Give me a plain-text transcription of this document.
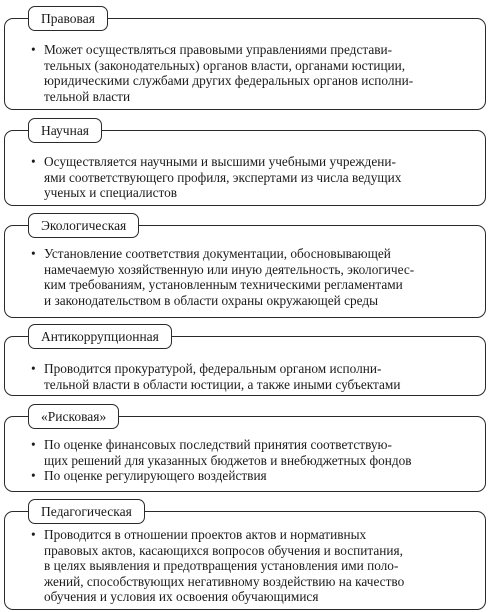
Правовая
• Может осуществляться правовыми управлениями представи-
тельных (законодательных) органов власти, органами юстиции,
юридическими службами других федеральных органов исполни-
тельной власти
Научная
• Осуществляется научными и высшими учебными учреждени-
ями соответствующего профиля, экспертами из числа ведущих
ученых и специалистов
Экологическая
• Установление соответствия документации, обосновывающей
намечаемую хозяйственную или иную деятельность, экологичес-
ким требованиям, установленным техническими регламентами
и законодательством в области охраны окружающей среды
Антикоррупционная
• Проводится прокуратурой, федеральным органом исполни-
тельной власти в области юстиции, а также иными субъектами
«Рисковая»
• По оценке финансовых последствий принятия соответствую-
щих решений для указанных бюджетов и внебюджетных фондов
• По оценке регулирующего воздействия
Педагогическая
• Проводится в отношении проектов актов и нормативных
правовых актов, касающихся вопросов обучения и воспитания,
в целях выявления и предотвращения установления ими поло-
жений, способствующих негативному воздействию на качество
обучения и условия их освоения обучающимися
